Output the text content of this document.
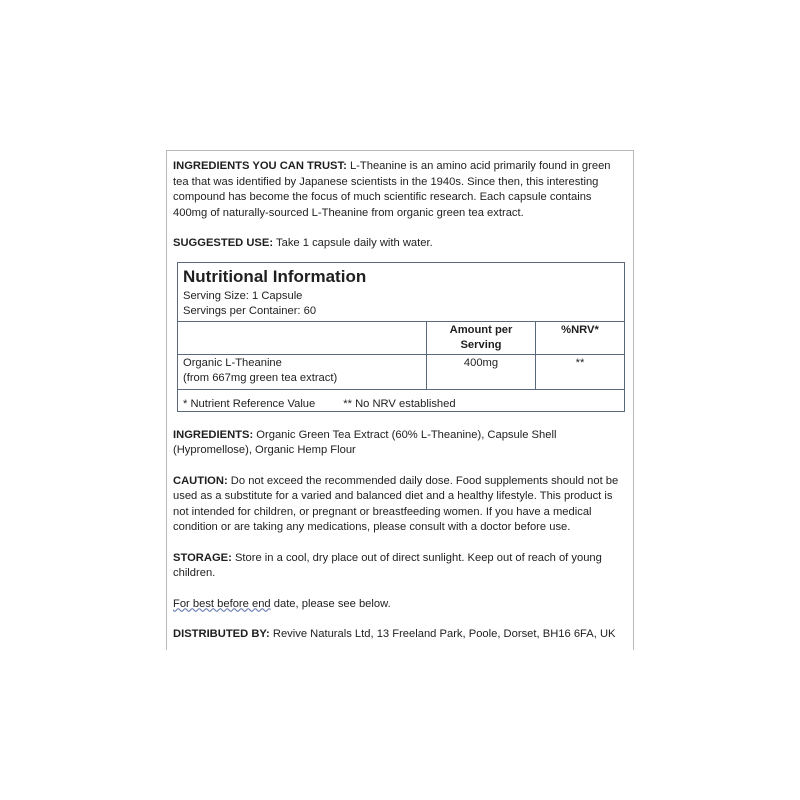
INGREDIENTS YOU CAN TRUST: L-Theanine is an amino acid primarily found in green tea that was identified by Japanese scientists in the 1940s. Since then, this interesting compound has become the focus of much scientific research. Each capsule contains 400mg of naturally-sourced L-Theanine from organic green tea extract.

SUGGESTED USE: Take 1 capsule daily with water.

Nutritional Information
Serving Size: 1 Capsule
Servings per Container: 60
	Amount per Serving	%NRV*
Organic L-Theanine
(from 667mg green tea extract)	400mg	**
* Nutrient Reference Value	** No NRV established

INGREDIENTS: Organic Green Tea Extract (60% L-Theanine), Capsule Shell (Hypromellose), Organic Hemp Flour

CAUTION: Do not exceed the recommended daily dose. Food supplements should not be used as a substitute for a varied and balanced diet and a healthy lifestyle. This product is not intended for children, or pregnant or breastfeeding women. If you have a medical condition or are taking any medications, please consult with a doctor before use.

STORAGE: Store in a cool, dry place out of direct sunlight. Keep out of reach of young children.

For best before end date, please see below.

DISTRIBUTED BY: Revive Naturals Ltd, 13 Freeland Park, Poole, Dorset, BH16 6FA, UK
